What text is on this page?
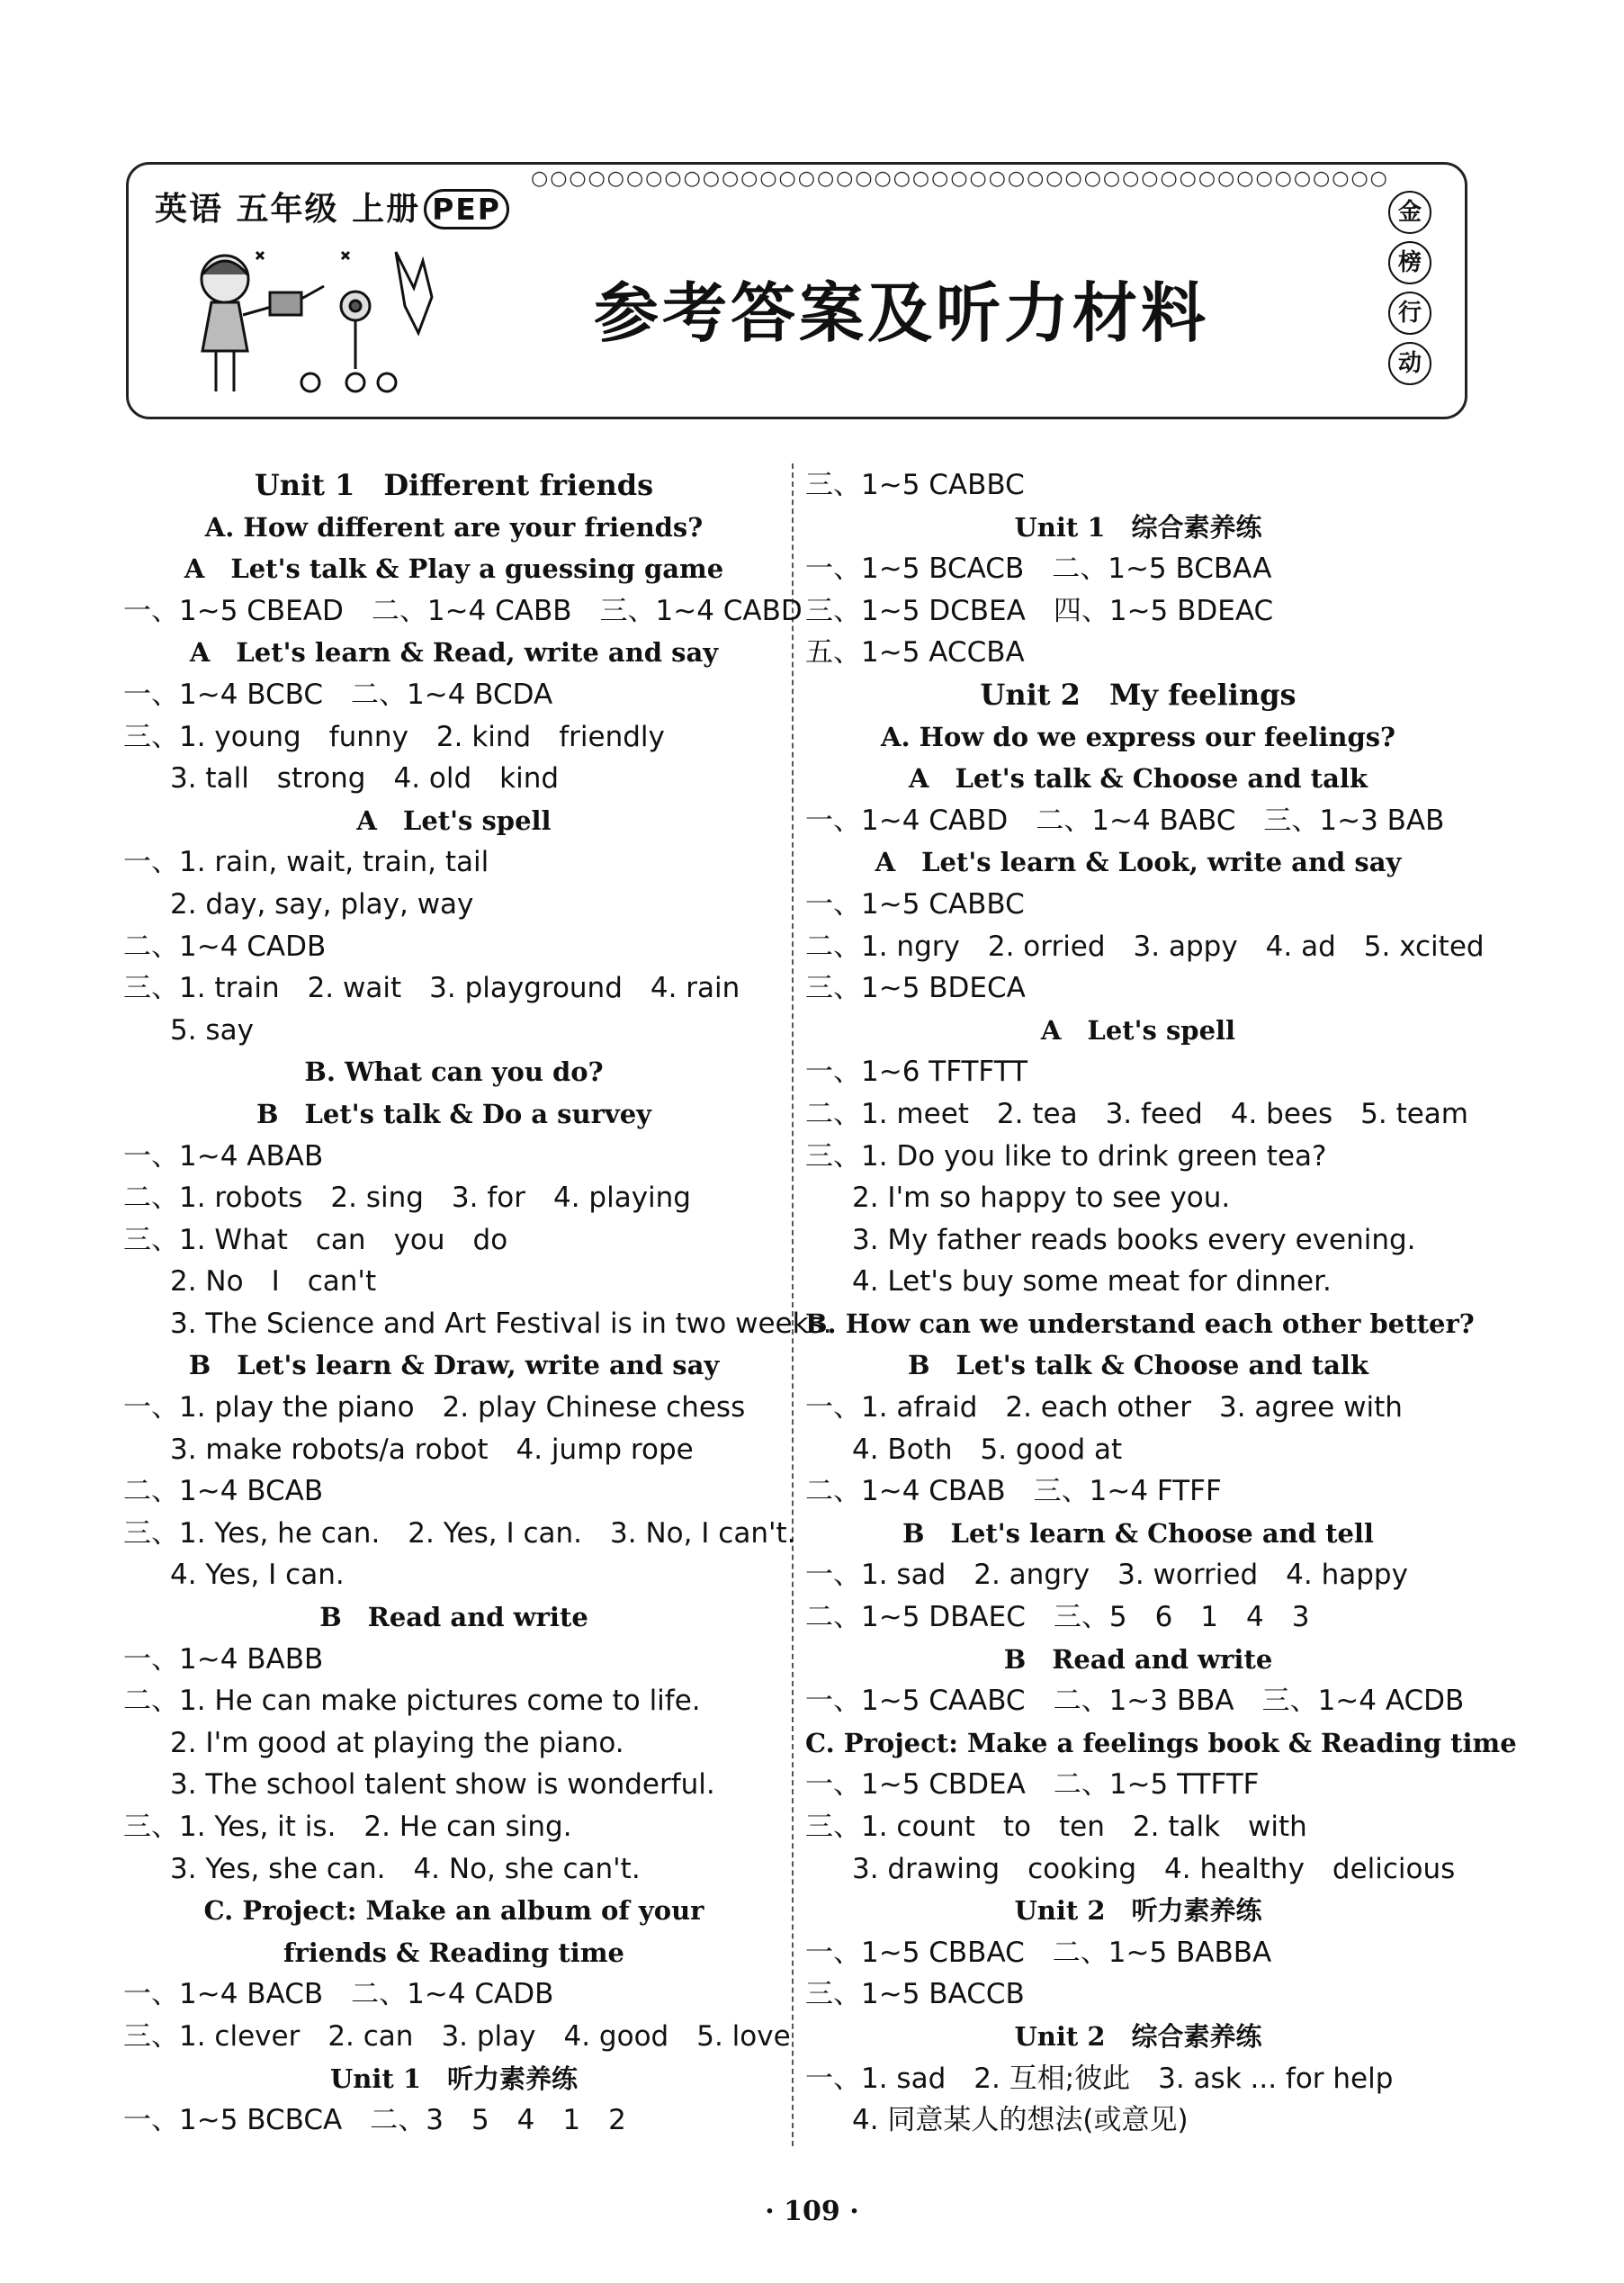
英语 五年级 上册 PEP
○○○○○○○○○○○○○○○○○○○○○○○○○○○○○○○○○○○○○○○○○○○○○
参考答案及听力材料
金
榜
行
动
Unit 1　Different friends
A. How different are your friends?
A　Let's talk & Play a guessing game
一、1~5 CBEAD　二、1~4 CABB　三、1~4 CABD
A　Let's learn & Read, write and say
一、1~4 BCBC　二、1~4 BCDA
三、1. young　funny　2. kind　friendly
3. tall　strong　4. old　kind
A　Let's spell
一、1. rain, wait, train, tail
2. day, say, play, way
二、1~4 CADB
三、1. train　2. wait　3. playground　4. rain
5. say
B. What can you do?
B　Let's talk & Do a survey
一、1~4 ABAB
二、1. robots　2. sing　3. for　4. playing
三、1. What　can　you　do
2. No　I　can't
3. The Science and Art Festival is in two weeks.
B　Let's learn & Draw, write and say
一、1. play the piano　2. play Chinese chess
3. make robots/a robot　4. jump rope
二、1~4 BCAB
三、1. Yes, he can.　2. Yes, I can.　3. No, I can't.
4. Yes, I can.
B　Read and write
一、1~4 BABB
二、1. He can make pictures come to life.
2. I'm good at playing the piano.
3. The school talent show is wonderful.
三、1. Yes, it is.　2. He can sing.
3. Yes, she can.　4. No, she can't.
C. Project: Make an album of your
friends & Reading time
一、1~4 BACB　二、1~4 CADB
三、1. clever　2. can　3. play　4. good　5. love
Unit 1　听力素养练
一、1~5 BCBCA　二、3　5　4　1　2
三、1~5 CABBC
Unit 1　综合素养练
一、1~5 BCACB　二、1~5 BCBAA
三、1~5 DCBEA　四、1~5 BDEAC
五、1~5 ACCBA
Unit 2　My feelings
A. How do we express our feelings?
A　Let's talk & Choose and talk
一、1~4 CABD　二、1~4 BABC　三、1~3 BAB
A　Let's learn & Look, write and say
一、1~5 CABBC
二、1. ngry　2. orried　3. appy　4. ad　5. xcited
三、1~5 BDECA
A　Let's spell
一、1~6 TFTFTT
二、1. meet　2. tea　3. feed　4. bees　5. team
三、1. Do you like to drink green tea?
2. I'm so happy to see you.
3. My father reads books every evening.
4. Let's buy some meat for dinner.
B. How can we understand each other better?
B　Let's talk & Choose and talk
一、1. afraid　2. each other　3. agree with
4. Both　5. good at
二、1~4 CBAB　三、1~4 FTFF
B　Let's learn & Choose and tell
一、1. sad　2. angry　3. worried　4. happy
二、1~5 DBAEC　三、5　6　1　4　3
B　Read and write
一、1~5 CAABC　二、1~3 BBA　三、1~4 ACDB
C. Project: Make a feelings book & Reading time
一、1~5 CBDEA　二、1~5 TTFTF
三、1. count　to　ten　2. talk　with
3. drawing　cooking　4. healthy　delicious
Unit 2　听力素养练
一、1~5 CBBAC　二、1~5 BABBA
三、1~5 BACCB
Unit 2　综合素养练
一、1. sad　2. 互相;彼此　3. ask ... for help
4. 同意某人的想法(或意见)
· 109 ·
